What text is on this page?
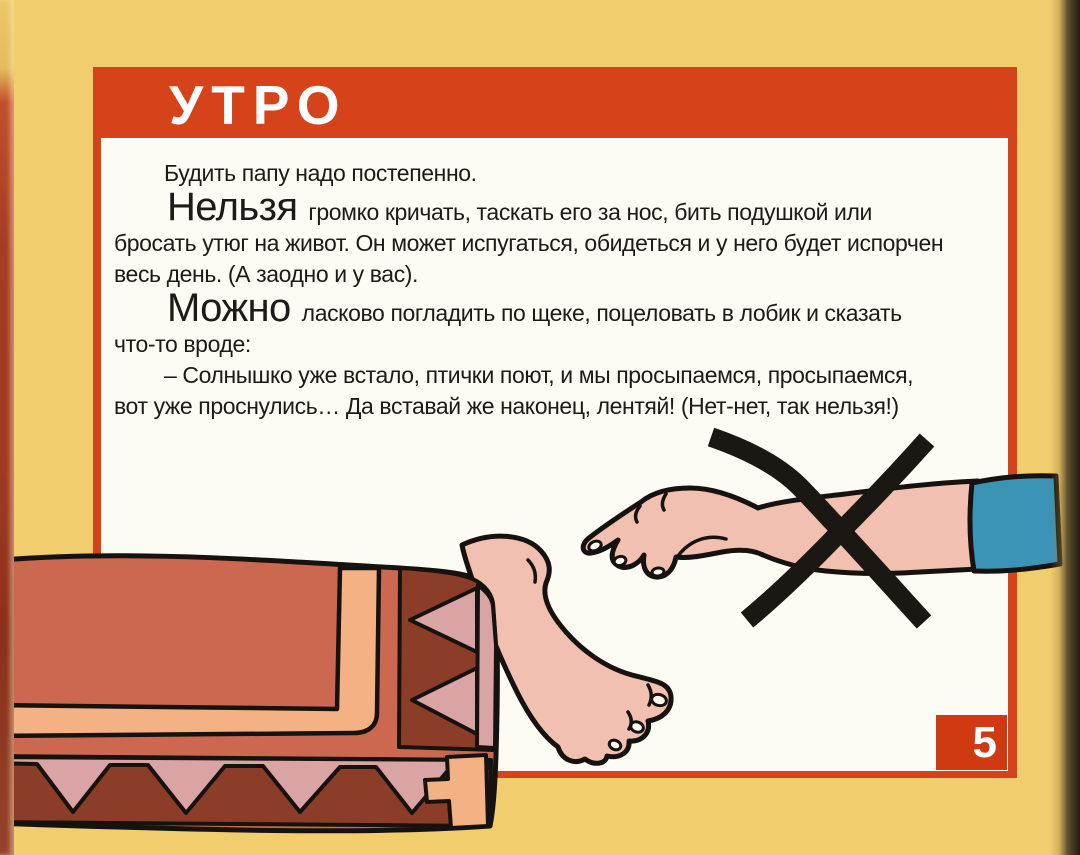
УТРО

Будить папу надо постепенно.

Нельзя громко кричать, таскать его за нос, бить подушкой или бросать утюг на живот. Он может испугаться, обидеться и у него будет испорчен весь день. (А заодно и у вас).

Можно ласково погладить по щеке, поцеловать в лобик и сказать что-то вроде:

– Солнышко уже встало, птички поют, и мы просыпаемся, просыпаемся, вот уже проснулись… Да вставай же наконец, лентяй! (Нет-нет, так нельзя!)

5
